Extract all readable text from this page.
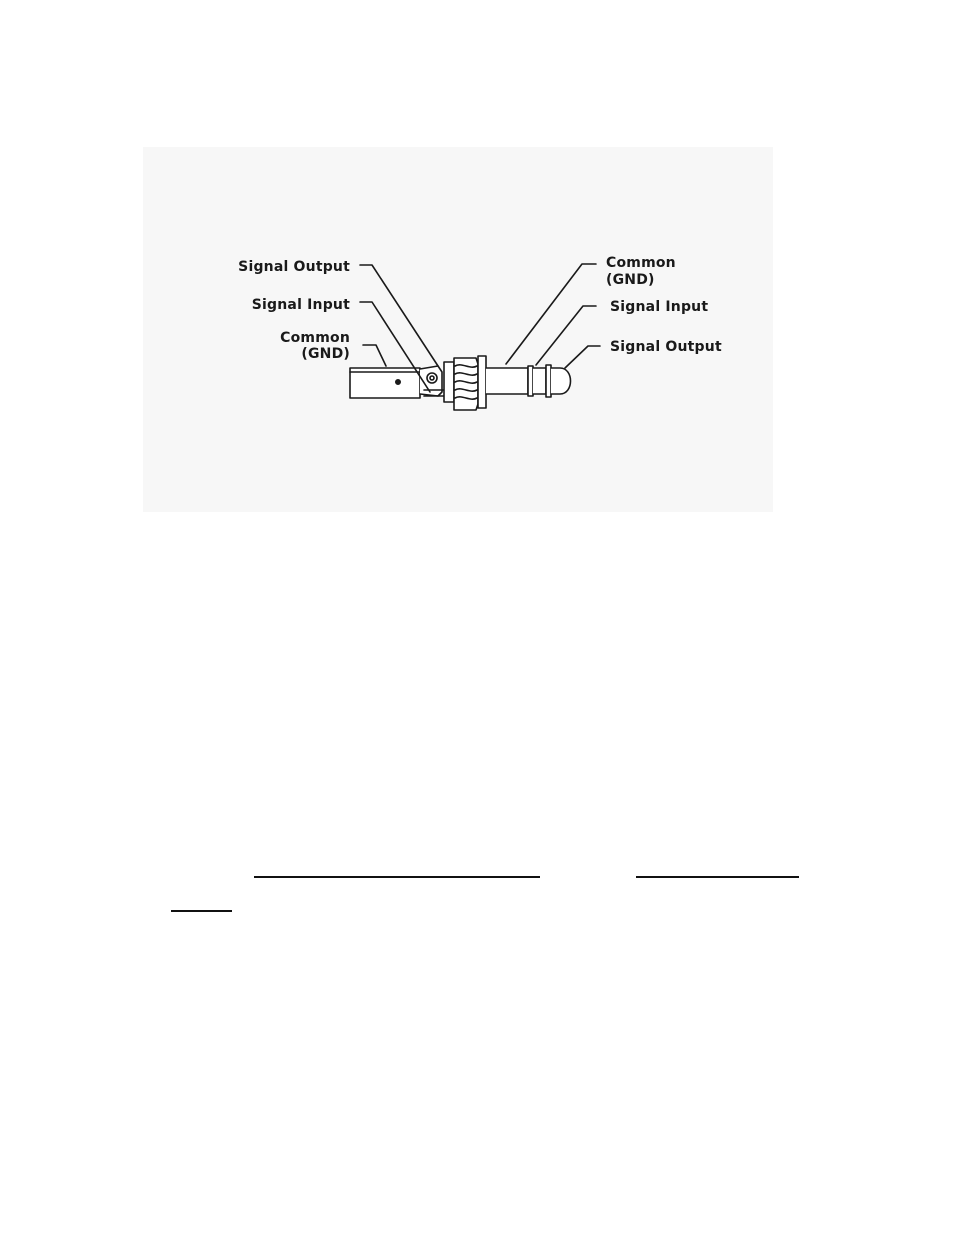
Signal Output
Signal Input
Common
(GND)
Common
(GND)
Signal Input
Signal Output
